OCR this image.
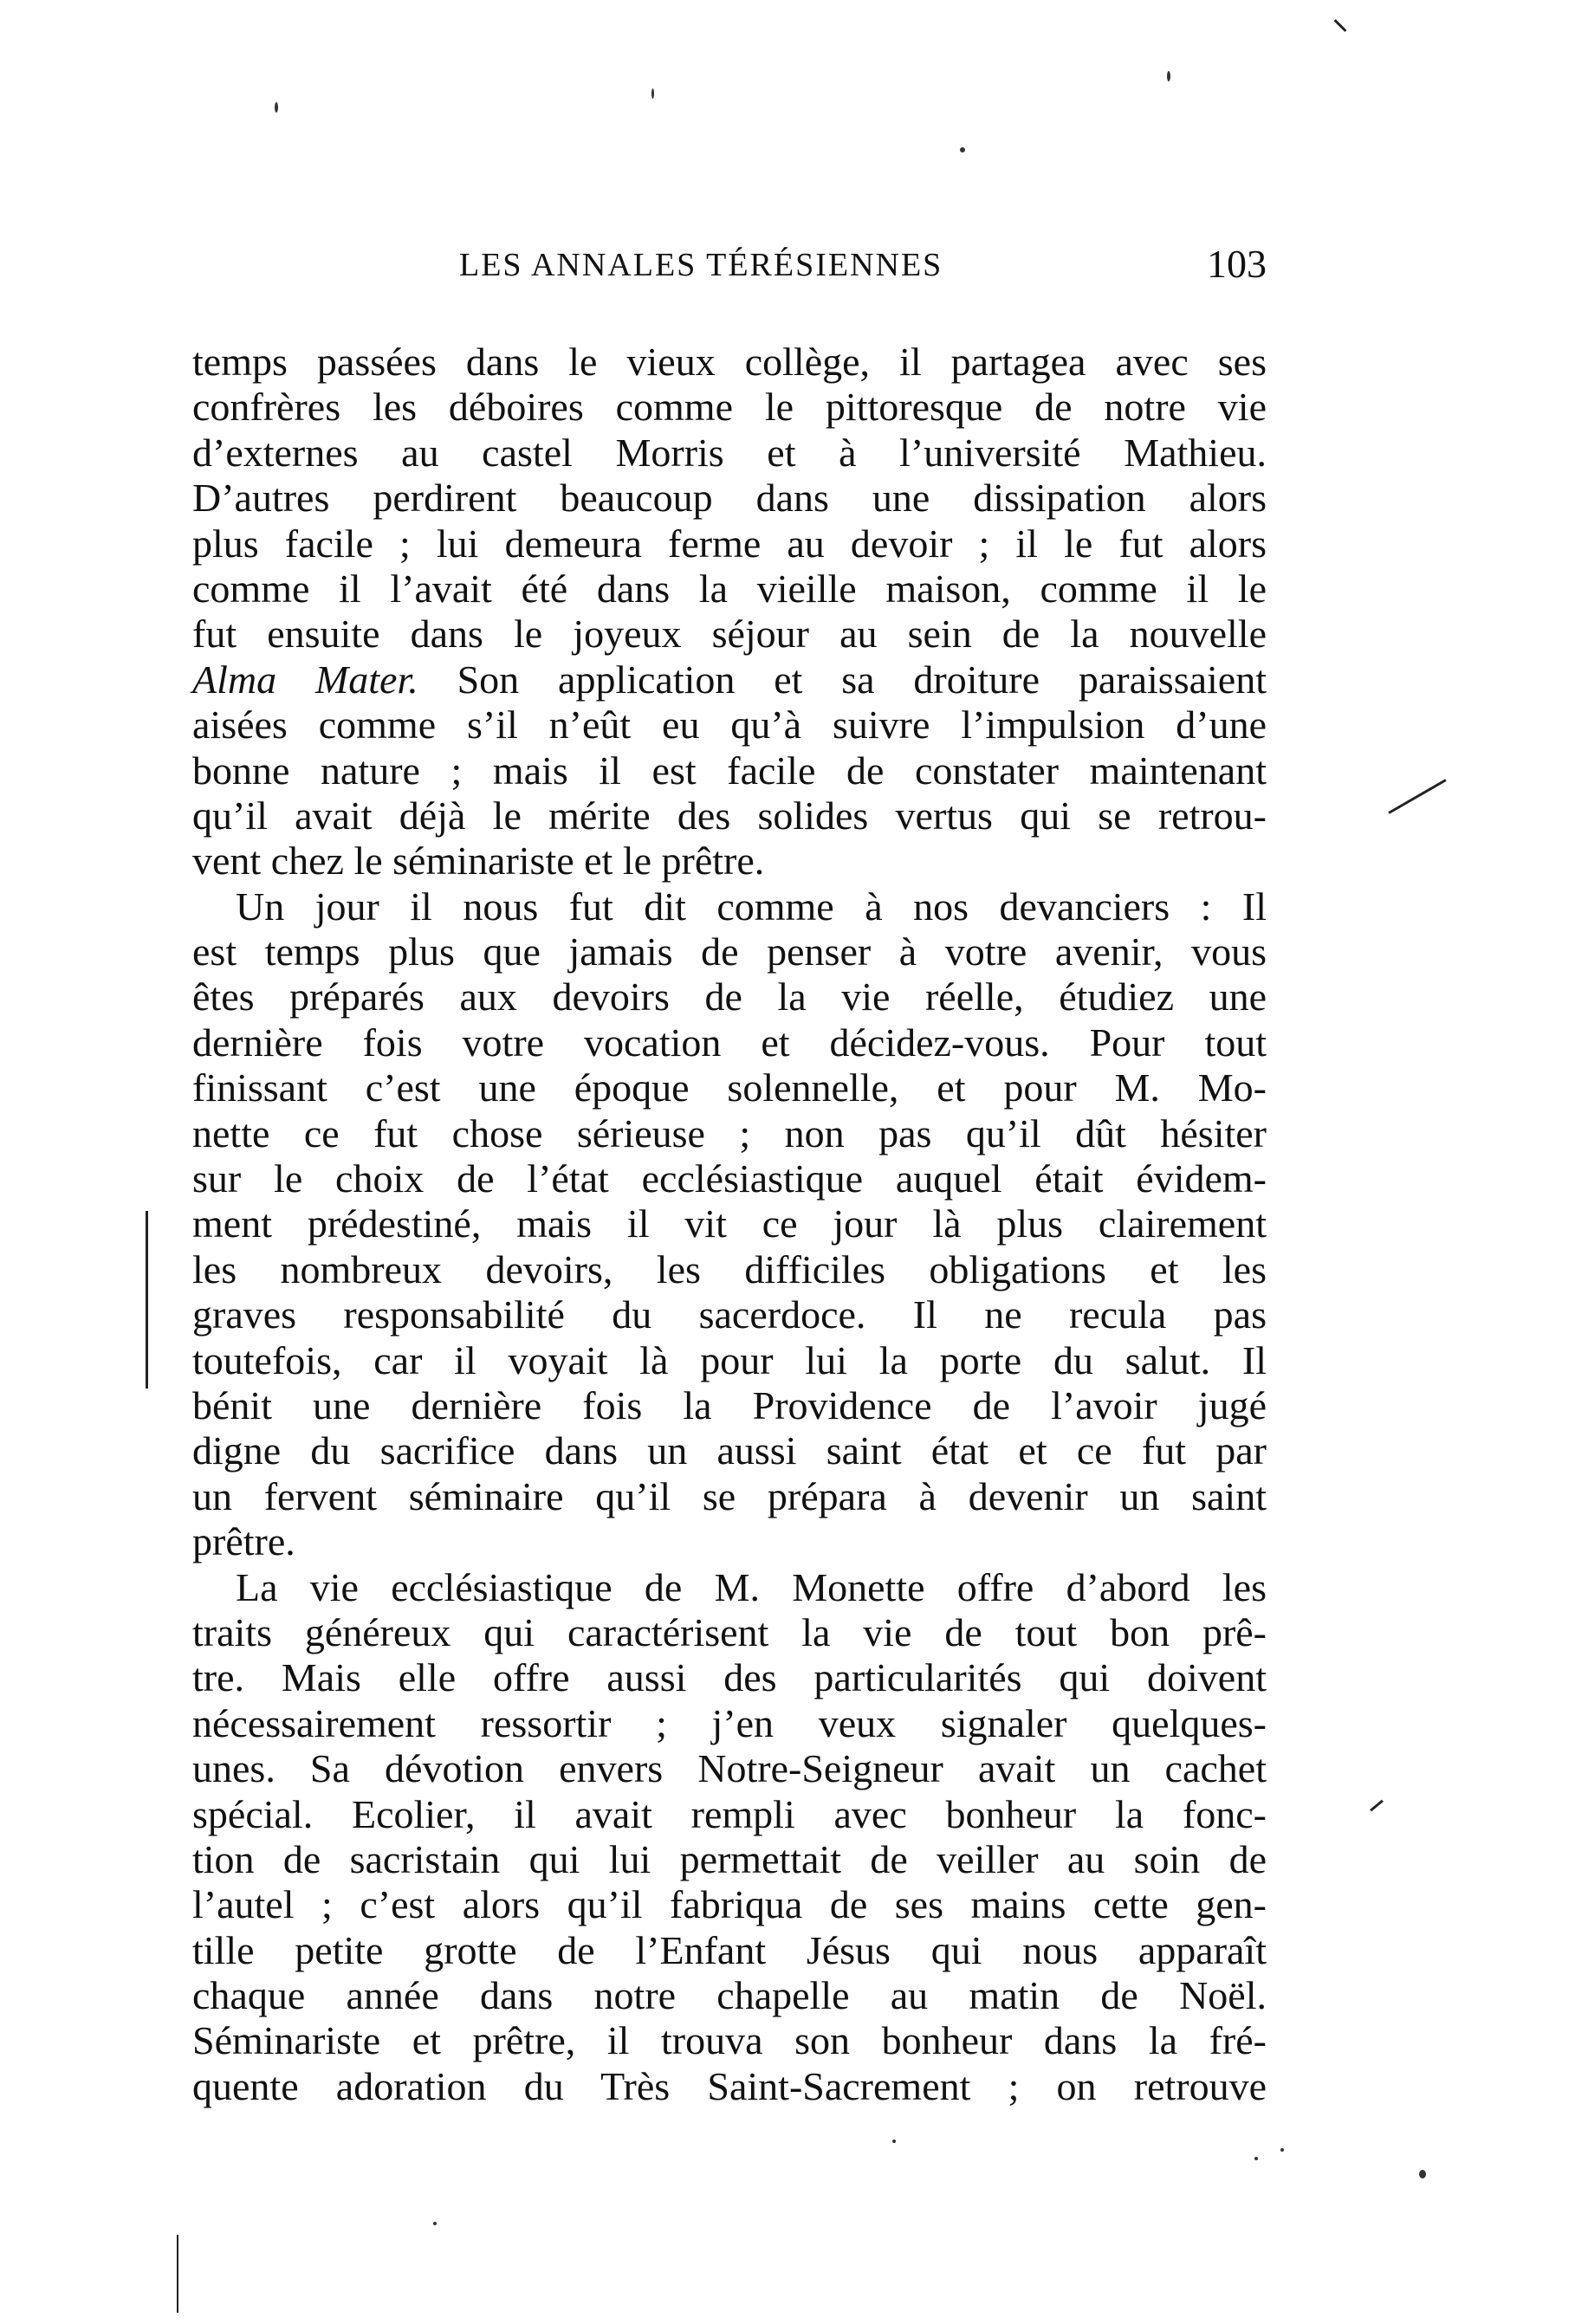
LES ANNALES TÉRÉSIENNES	103
temps passées dans le vieux collège, il partagea avec ses
confrères les déboires comme le pittoresque de notre vie
d’externes au castel Morris et à l’université Mathieu.
D’autres perdirent beaucoup dans une dissipation alors
plus facile ; lui demeura ferme au devoir ; il le fut alors
comme il l’avait été dans la vieille maison, comme il le
fut ensuite dans le joyeux séjour au sein de la nouvelle
Alma Mater. Son application et sa droiture paraissaient
aisées comme s’il n’eût eu qu’à suivre l’impulsion d’une
bonne nature ; mais il est facile de constater maintenant
qu’il avait déjà le mérite des solides vertus qui se retrou-
vent chez le séminariste et le prêtre.
Un jour il nous fut dit comme à nos devanciers : Il
est temps plus que jamais de penser à votre avenir, vous
êtes préparés aux devoirs de la vie réelle, étudiez une
dernière fois votre vocation et décidez-vous. Pour tout
finissant c’est une époque solennelle, et pour M. Mo-
nette ce fut chose sérieuse ; non pas qu’il dût hésiter
sur le choix de l’état ecclésiastique auquel était évidem-
ment prédestiné, mais il vit ce jour là plus clairement
les nombreux devoirs, les difficiles obligations et les
graves responsabilité du sacerdoce. Il ne recula pas
toutefois, car il voyait là pour lui la porte du salut. Il
bénit une dernière fois la Providence de l’avoir jugé
digne du sacrifice dans un aussi saint état et ce fut par
un fervent séminaire qu’il se prépara à devenir un saint
prêtre.
La vie ecclésiastique de M. Monette offre d’abord les
traits généreux qui caractérisent la vie de tout bon prê-
tre. Mais elle offre aussi des particularités qui doivent
nécessairement ressortir ; j’en veux signaler quelques-
unes. Sa dévotion envers Notre-Seigneur avait un cachet
spécial. Ecolier, il avait rempli avec bonheur la fonc-
tion de sacristain qui lui permettait de veiller au soin de
l’autel ; c’est alors qu’il fabriqua de ses mains cette gen-
tille petite grotte de l’Enfant Jésus qui nous apparaît
chaque année dans notre chapelle au matin de Noël.
Séminariste et prêtre, il trouva son bonheur dans la fré-
quente adoration du Très Saint-Sacrement ; on retrouve
